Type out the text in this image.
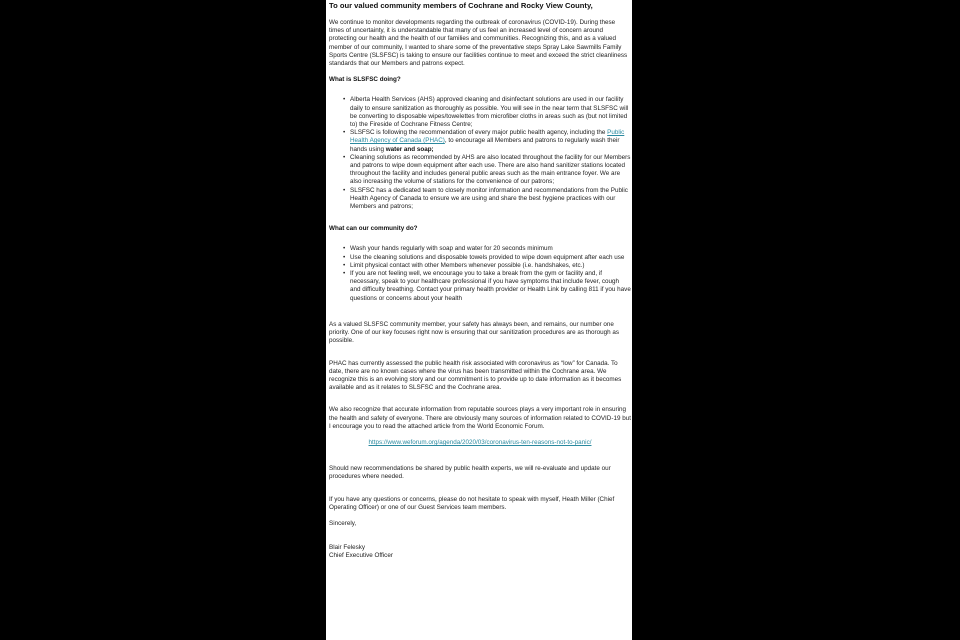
To our valued community members of Cochrane and Rocky View County,

We continue to monitor developments regarding the outbreak of coronavirus (COVID-19). During these times of uncertainty, it is understandable that many of us feel an increased level of concern around protecting our health and the health of our families and communities. Recognizing this, and as a valued member of our community, I wanted to share some of the preventative steps Spray Lake Sawmills Family Sports Centre (SLSFSC) is taking to ensure our facilities continue to meet and exceed the strict cleanliness standards that our Members and patrons expect.

What is SLSFSC doing?

• Alberta Health Services (AHS) approved cleaning and disinfectant solutions are used in our facility daily to ensure sanitization as thoroughly as possible. You will see in the near term that SLSFSC will be converting to disposable wipes/towelettes from microfiber cloths in areas such as (but not limited to) the Fireside of Cochrane Fitness Centre;
• SLSFSC is following the recommendation of every major public health agency, including the Public Health Agency of Canada (PHAC), to encourage all Members and patrons to regularly wash their hands using water and soap;
• Cleaning solutions as recommended by AHS are also located throughout the facility for our Members and patrons to wipe down equipment after each use. There are also hand sanitizer stations located throughout the facility and includes general public areas such as the main entrance foyer. We are also increasing the volume of stations for the convenience of our patrons;
• SLSFSC has a dedicated team to closely monitor information and recommendations from the Public Health Agency of Canada to ensure we are using and share the best hygiene practices with our Members and patrons;

What can our community do?

• Wash your hands regularly with soap and water for 20 seconds minimum
• Use the cleaning solutions and disposable towels provided to wipe down equipment after each use
• Limit physical contact with other Members whenever possible (i.e. handshakes, etc.)
• If you are not feeling well, we encourage you to take a break from the gym or facility and, if necessary, speak to your healthcare professional if you have symptoms that include fever, cough and difficulty breathing. Contact your primary health provider or Health Link by calling 811 if you have questions or concerns about your health

As a valued SLSFSC community member, your safety has always been, and remains, our number one priority. One of our key focuses right now is ensuring that our sanitization procedures are as thorough as possible.

PHAC has currently assessed the public health risk associated with coronavirus as “low” for Canada. To date, there are no known cases where the virus has been transmitted within the Cochrane area. We recognize this is an evolving story and our commitment is to provide up to date information as it becomes available and as it relates to SLSFSC and the Cochrane area.

We also recognize that accurate information from reputable sources plays a very important role in ensuring the health and safety of everyone. There are obviously many sources of information related to COVID-19 but I encourage you to read the attached article from the World Economic Forum.

https://www.weforum.org/agenda/2020/03/coronavirus-ten-reasons-not-to-panic/

Should new recommendations be shared by public health experts, we will re-evaluate and update our procedures where needed.

If you have any questions or concerns, please do not hesitate to speak with myself, Heath Miller (Chief Operating Officer) or one of our Guest Services team members.

Sincerely,

Blair Felesky
Chief Executive Officer
